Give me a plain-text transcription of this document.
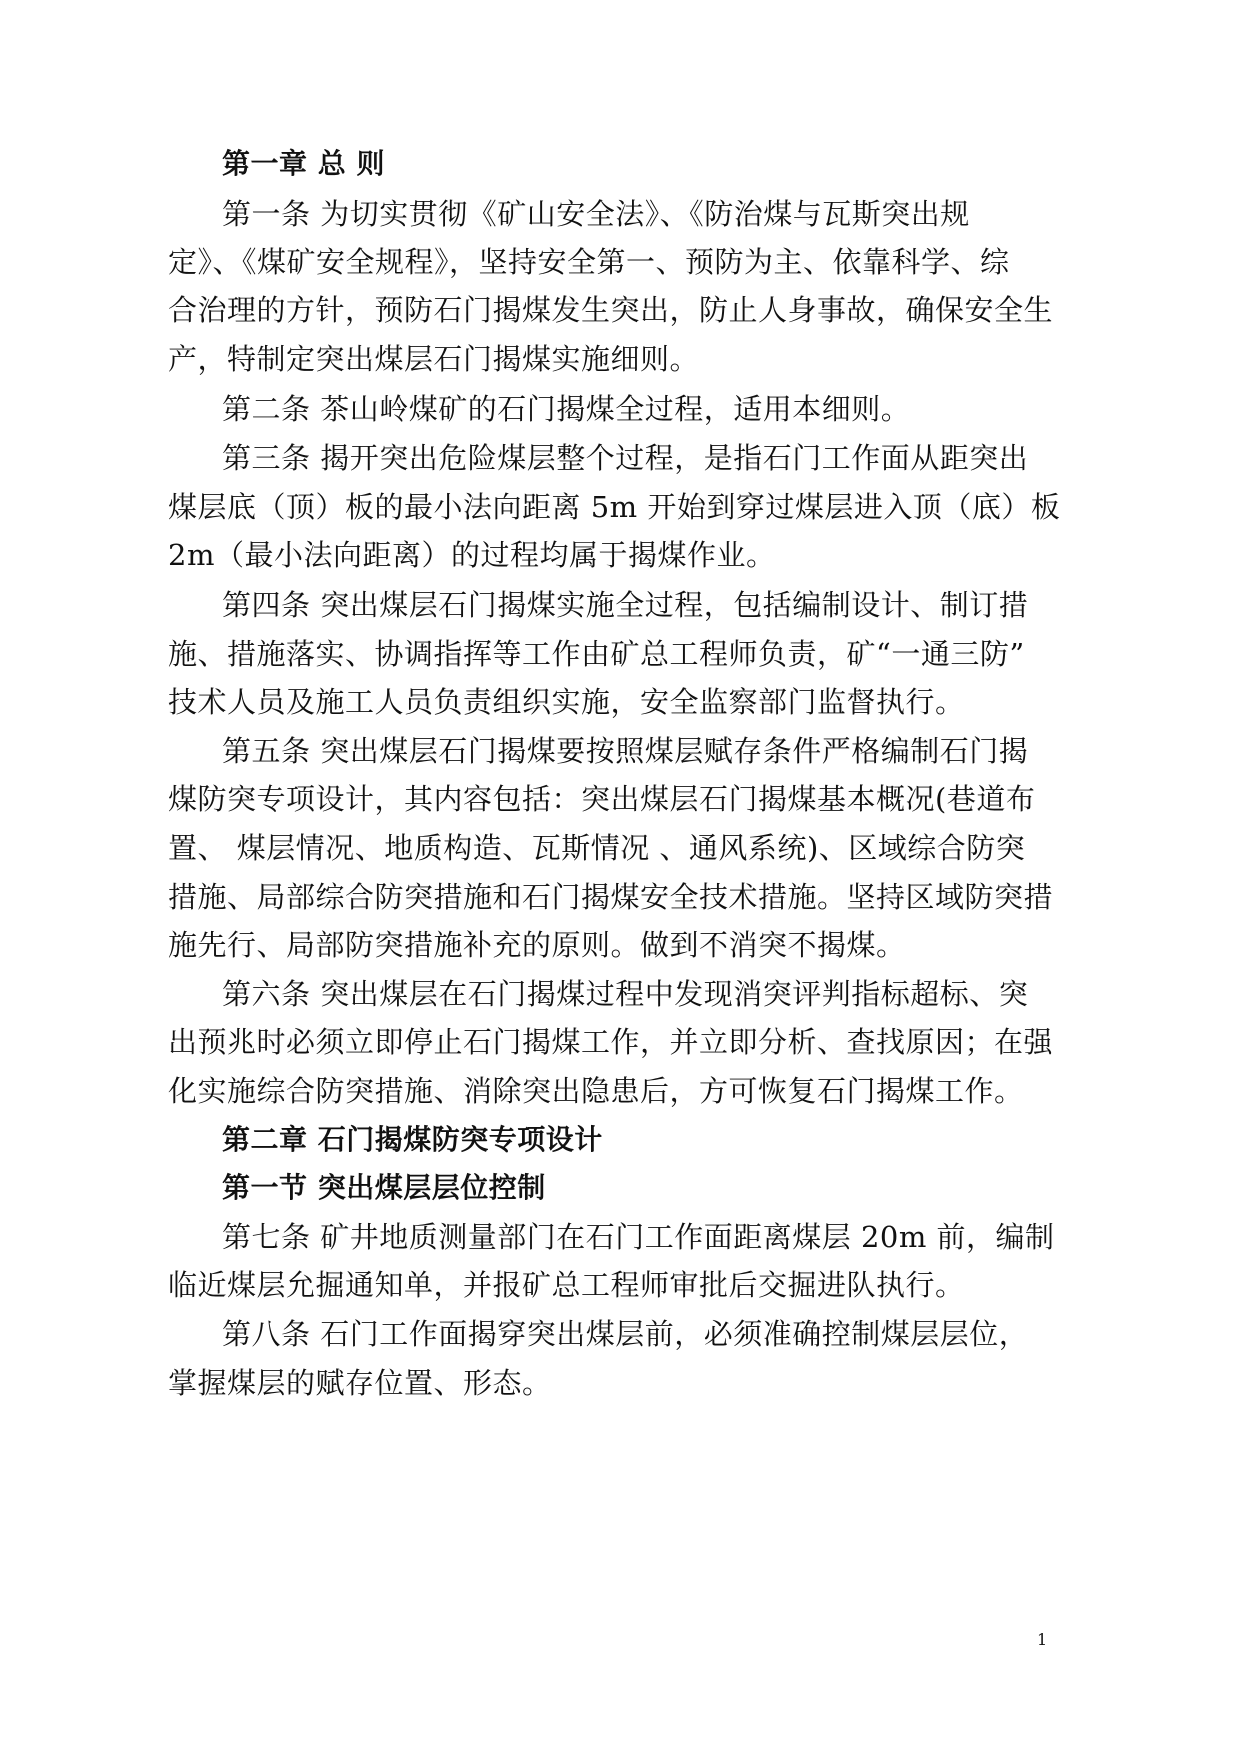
第一章 总 则
第一条 为切实贯彻《矿山安全法》、《防治煤与瓦斯突出规
定》、《煤矿安全规程》，坚持安全第一、预防为主、依靠科学、综
合治理的方针，预防石门揭煤发生突出，防止人身事故，确保安全生
产，特制定突出煤层石门揭煤实施细则。
第二条 茶山岭煤矿的石门揭煤全过程，适用本细则。
第三条 揭开突出危险煤层整个过程，是指石门工作面从距突出
煤层底（顶）板的最小法向距离 5m 开始到穿过煤层进入顶（底）板
2m（最小法向距离）的过程均属于揭煤作业。
第四条 突出煤层石门揭煤实施全过程，包括编制设计、制订措
施、措施落实、协调指挥等工作由矿总工程师负责，矿“一通三防”
技术人员及施工人员负责组织实施，安全监察部门监督执行。
第五条 突出煤层石门揭煤要按照煤层赋存条件严格编制石门揭
煤防突专项设计，其内容包括：突出煤层石门揭煤基本概况(巷道布
置、 煤层情况、地质构造、瓦斯情况 、通风系统)、区域综合防突
措施、局部综合防突措施和石门揭煤安全技术措施。坚持区域防突措
施先行、局部防突措施补充的原则。做到不消突不揭煤。
第六条 突出煤层在石门揭煤过程中发现消突评判指标超标、突
出预兆时必须立即停止石门揭煤工作，并立即分析、查找原因；在强
化实施综合防突措施、消除突出隐患后，方可恢复石门揭煤工作。
第二章 石门揭煤防突专项设计
第一节 突出煤层层位控制
第七条 矿井地质测量部门在石门工作面距离煤层 20m 前，编制
临近煤层允掘通知单，并报矿总工程师审批后交掘进队执行。
第八条 石门工作面揭穿突出煤层前，必须准确控制煤层层位，
掌握煤层的赋存位置、形态。
1
